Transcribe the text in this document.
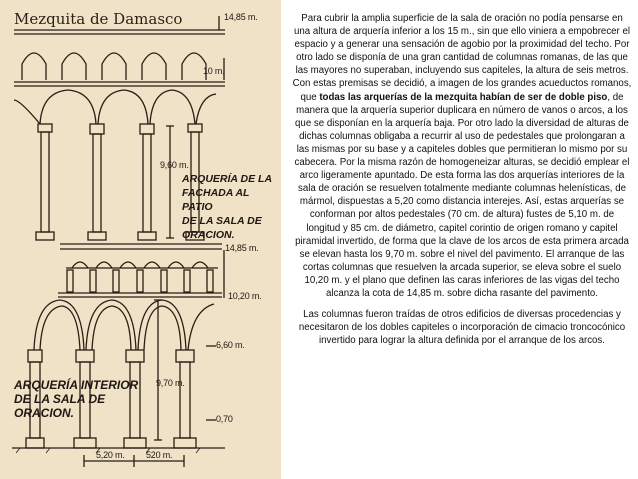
Mezquita de Damasco	14,85 m.
10 m.
9,60 m.
ARQUERÍA DE LA
FACHADA AL PATIO
DE LA SALA DE
ORACION.
14,85 m.
10,20 m.
6,60 m.
9,70 m.
0,70
ARQUERÍA INTERIOR
DE LA SALA DE
ORACION.
5,20 m. 520 m.

Para cubrir la amplia superficie de la sala de oración no podía pensarse en una altura de arquería inferior a los 15 m., sin que ello viniera a empobrecer el espacio y a generar una sensación de agobio por la proximidad del techo. Por otro lado se disponía de una gran cantidad de columnas romanas, de las que las mayores no superaban, incluyendo sus capiteles, la altura de seis metros. Con estas premisas se decidió, a imagen de los grandes acueductos romanos, que todas las arquerías de la mezquita habían de ser de doble piso, de manera que la arquería superior duplicara en número de vanos o arcos, a los que se disponían en la arquería baja. Por otro lado la diversidad de alturas de dichas columnas obligaba a recurrir al uso de pedestales que prolongaran a las mismas por su base y a capiteles dobles que permitieran lo mismo por su cabecera. Por la misma razón de homogeneizar alturas, se decidió emplear el arco ligeramente apuntado. De esta forma las dos arquerías interiores de la sala de oración se resuelven totalmente mediante columnas helenísticas, de mármol, dispuestas a 5,20 como distancia interejes. Así, estas arquerías se conforman por altos pedestales (70 cm. de altura) fustes de 5,10 m. de longitud y 85 cm. de diámetro, capitel corintio de origen romano y capitel piramidal invertido, de forma que la clave de los arcos de esta primera arcada se elevan hasta los 9,70 m. sobre el nivel del pavimento. El arranque de las cortas columnas que resuelven la arcada superior, se eleva sobre el suelo 10,20 m. y el plano que definen las caras inferiores de las vigas del techo alcanza la cota de 14,85 m. sobre dicha rasante del pavimento.

Las columnas fueron traídas de otros edificios de diversas procedencias y necesitaron de los dobles capiteles o incorporación de cimacio troncocónico invertido para lograr la altura definida por el arranque de los arcos.
